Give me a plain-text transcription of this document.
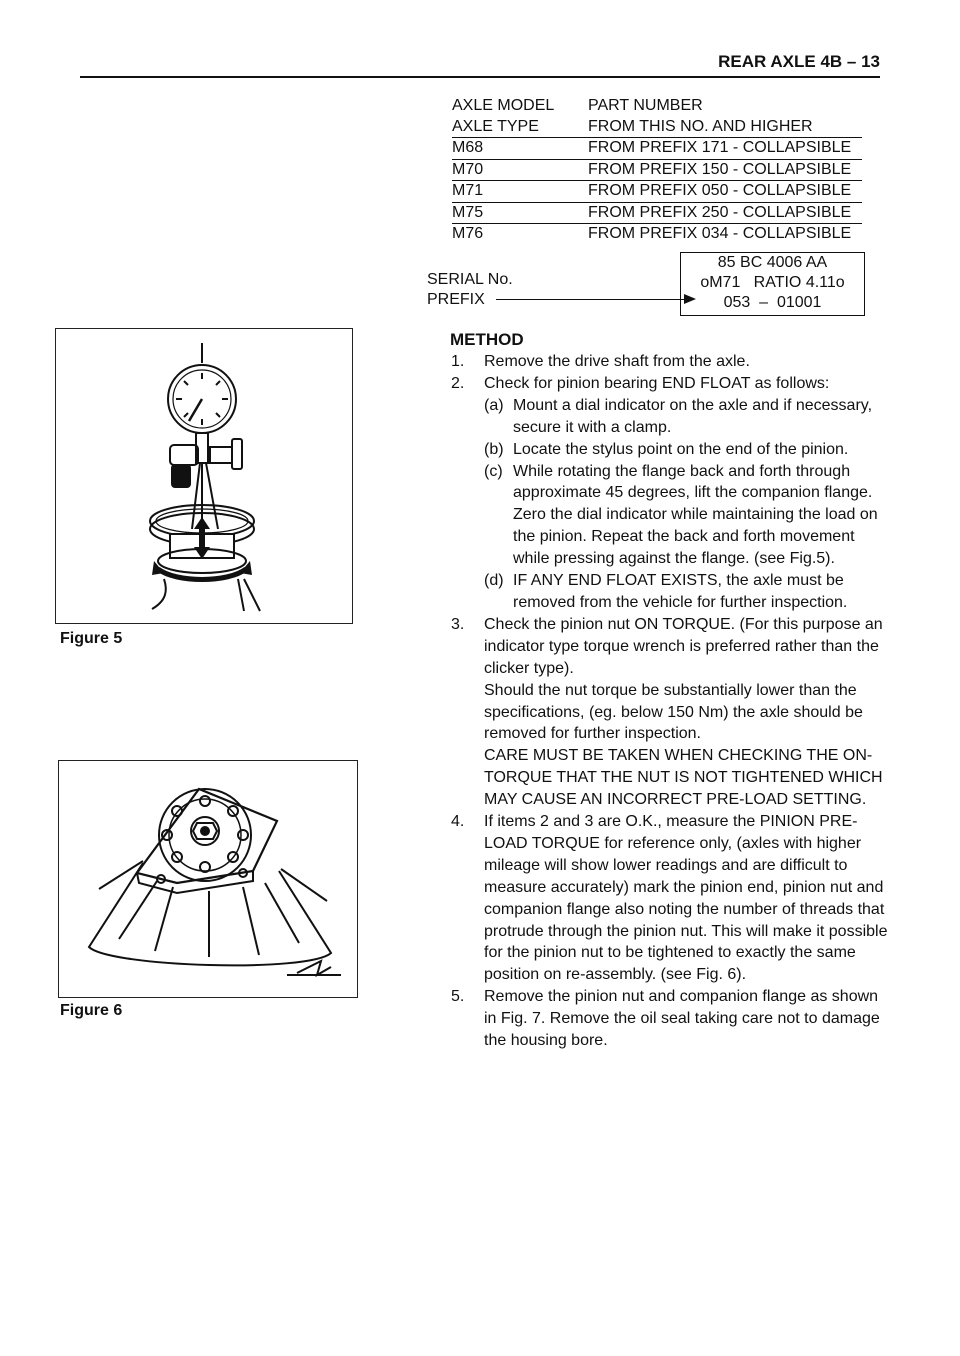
REAR AXLE 4B – 13
AXLE MODEL	PART NUMBER
AXLE TYPE	FROM THIS NO. AND HIGHER
M68	FROM PREFIX 171 - COLLAPSIBLE
M70	FROM PREFIX 150 - COLLAPSIBLE
M71	FROM PREFIX 050 - COLLAPSIBLE
M75	FROM PREFIX 250 - COLLAPSIBLE
M76	FROM PREFIX 034 - COLLAPSIBLE
SERIAL No.
PREFIX
85 BC 4006 AA
oM71   RATIO 4.11o
053  –  01001
Figure 5
Figure 6
METHOD
1. Remove the drive shaft from the axle.
2. Check for pinion bearing END FLOAT as follows:
(a) Mount a dial indicator on the axle and if necessary, secure it with a clamp.
(b) Locate the stylus point on the end of the pinion.
(c) While rotating the flange back and forth through approximate 45 degrees, lift the companion flange. Zero the dial indicator while maintaining the load on the pinion. Repeat the back and forth movement while pressing against the flange. (see Fig.5).
(d) IF ANY END FLOAT EXISTS, the axle must be removed from the vehicle for further inspection.
3. Check the pinion nut ON TORQUE. (For this purpose an indicator type torque wrench is preferred rather than the clicker type).
Should the nut torque be substantially lower than the specifications, (eg. below 150 Nm) the axle should be removed for further inspection.
CARE MUST BE TAKEN WHEN CHECKING THE ON-TORQUE THAT THE NUT IS NOT TIGHTENED WHICH MAY CAUSE AN INCORRECT PRE-LOAD SETTING.
4. If items 2 and 3 are O.K., measure the PINION PRE-LOAD TORQUE for reference only, (axles with higher mileage will show lower readings and are difficult to measure accurately) mark the pinion end, pinion nut and companion flange also noting the number of threads that protrude through the pinion nut. This will make it possible for the pinion nut to be tightened to exactly the same position on re-assembly. (see Fig. 6).
5. Remove the pinion nut and companion flange as shown in Fig. 7. Remove the oil seal taking care not to damage the housing bore.
